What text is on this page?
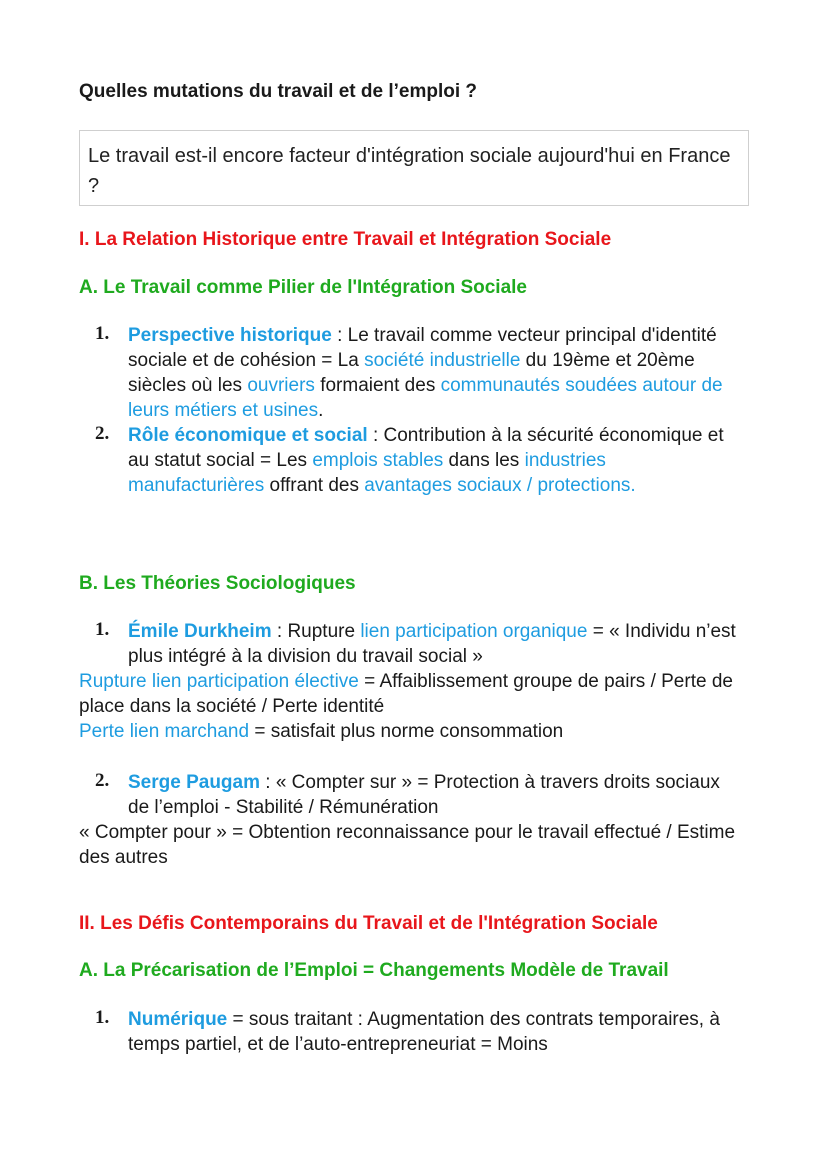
Quelles mutations du travail et de l’emploi ?
Le travail est-il encore facteur d'intégration sociale aujourd'hui en France ?
I. La Relation Historique entre Travail et Intégration Sociale
A. Le Travail comme Pilier de l'Intégration Sociale
1. Perspective historique : Le travail comme vecteur principal d'identité sociale et de cohésion = La société industrielle du 19ème et 20ème siècles où les ouvriers formaient des communautés soudées autour de leurs métiers et usines.
2. Rôle économique et social : Contribution à la sécurité économique et au statut social = Les emplois stables dans les industries manufacturières offrant des avantages sociaux / protections.
B. Les Théories Sociologiques
1. Émile Durkheim : Rupture lien participation organique = « Individu n’est plus intégré à la division du travail social »
Rupture lien participation élective = Affaiblissement groupe de pairs / Perte de place dans la société / Perte identité
Perte lien marchand = satisfait plus norme consommation
2. Serge Paugam : « Compter sur » = Protection à travers droits sociaux de l’emploi - Stabilité / Rémunération
« Compter pour » = Obtention reconnaissance pour le travail effectué / Estime des autres
II. Les Défis Contemporains du Travail et de l'Intégration Sociale
A. La Précarisation de l’Emploi = Changements Modèle de Travail
1. Numérique = sous traitant : Augmentation des contrats temporaires, à temps partiel, et de l’auto-entrepreneuriat = Moins
